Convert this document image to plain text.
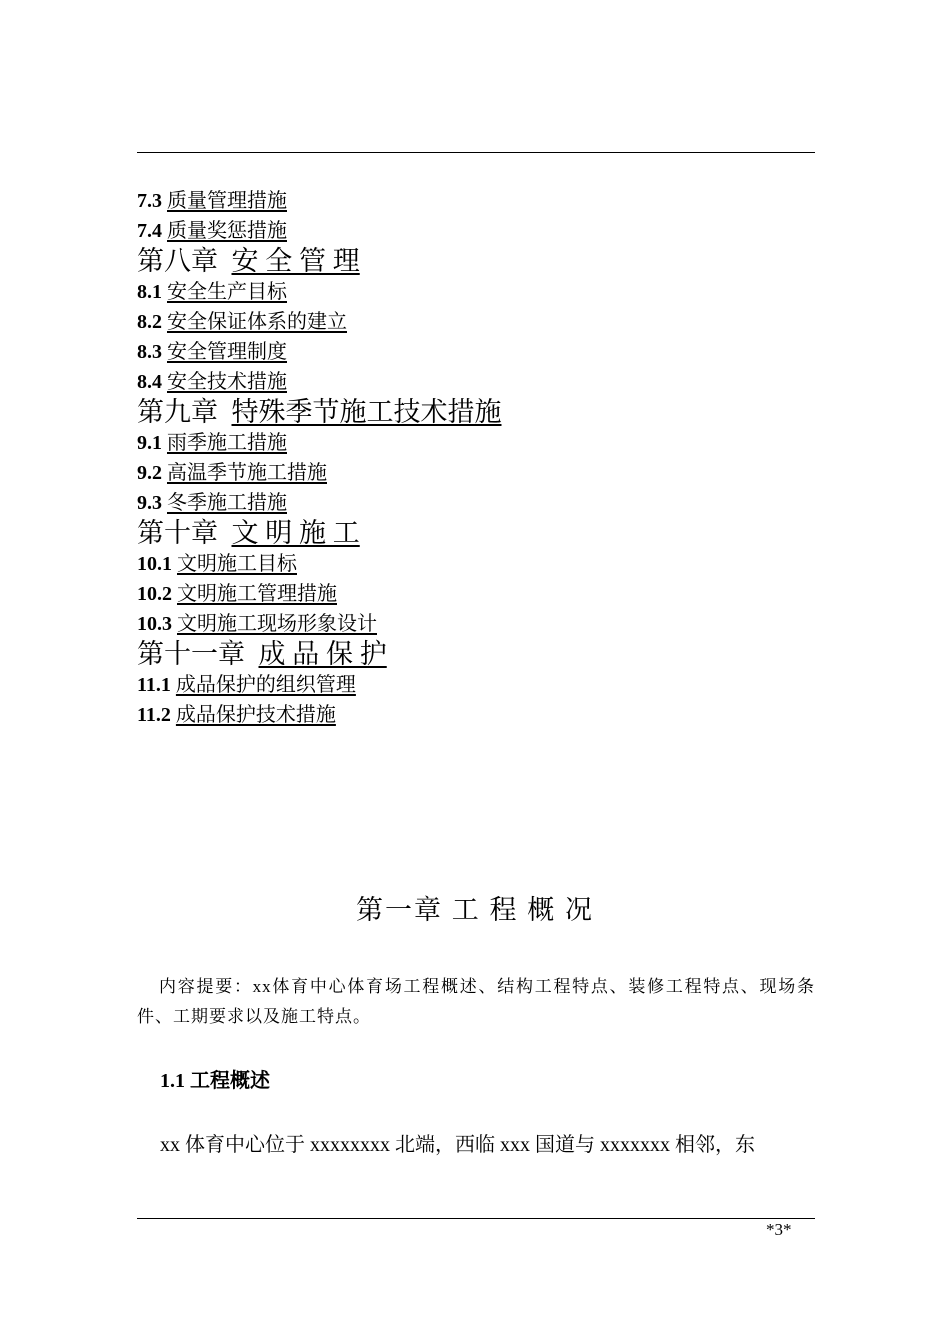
7.3 质量管理措施
7.4 质量奖惩措施
第八章 安 全 管 理
8.1 安全生产目标
8.2 安全保证体系的建立
8.3 安全管理制度
8.4 安全技术措施
第九章 特殊季节施工技术措施
9.1 雨季施工措施
9.2 高温季节施工措施
9.3 冬季施工措施
第十章 文 明 施 工
10.1 文明施工目标
10.2 文明施工管理措施
10.3 文明施工现场形象设计
第十一章 成 品 保 护
11.1 成品保护的组织管理
11.2 成品保护技术措施
第一章 工 程 概 况
内容提要：xx体育中心体育场工程概述、结构工程特点、装修工程特点、现场条件、工期要求以及施工特点。
1.1 工程概述
xx 体育中心位于 xxxxxxxx 北端，西临 xxx 国道与 xxxxxxx 相邻，东
*3*
